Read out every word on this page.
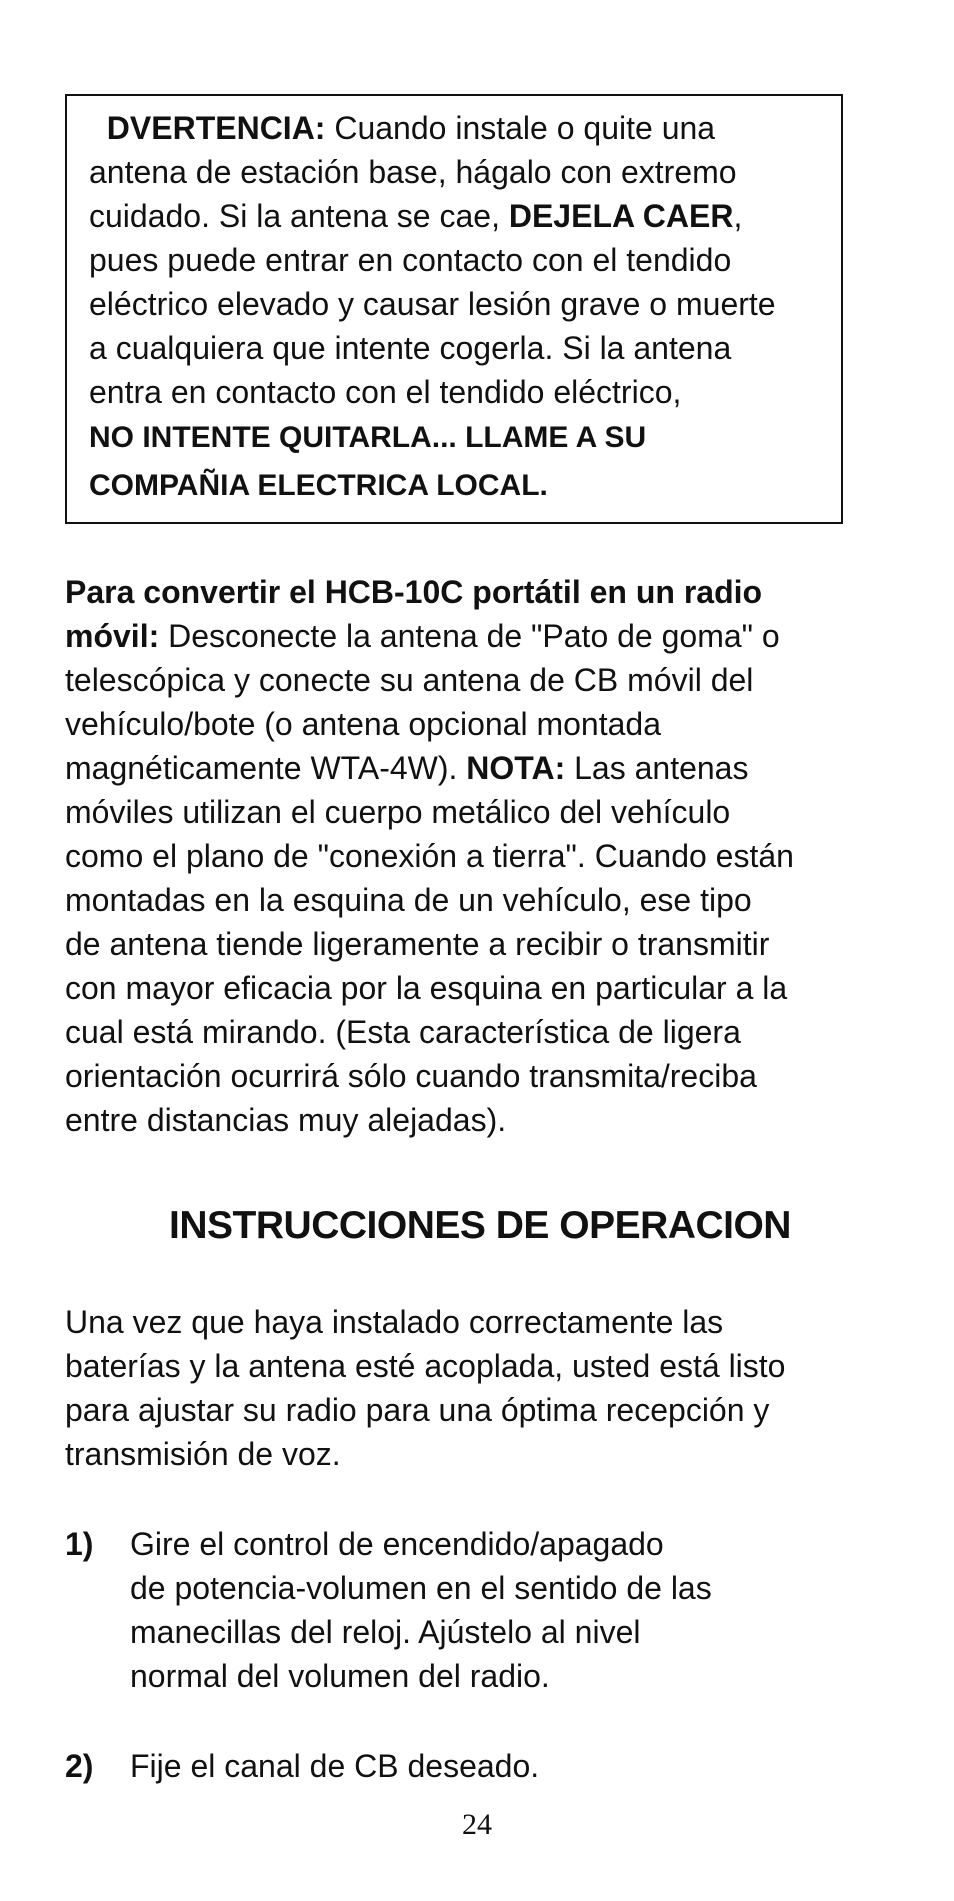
DVERTENCIA: Cuando instale o quite una
antena de estación base, hágalo con extremo
cuidado. Si la antena se cae, DEJELA CAER,
pues puede entrar en contacto con el tendido
eléctrico elevado y causar lesión grave o muerte
a cualquiera que intente cogerla. Si la antena
entra en contacto con el tendido eléctrico,
NO INTENTE QUITARLA... LLAME A SU
COMPAÑIA ELECTRICA LOCAL.
Para convertir el HCB-10C portátil en un radio
móvil: Desconecte la antena de "Pato de goma" o
telescópica y conecte su antena de CB móvil del
vehículo/bote (o antena opcional montada
magnéticamente WTA-4W). NOTA: Las antenas
móviles utilizan el cuerpo metálico del vehículo
como el plano de "conexión a tierra". Cuando están
montadas en la esquina de un vehículo, ese tipo
de antena tiende ligeramente a recibir o transmitir
con mayor eficacia por la esquina en particular a la
cual está mirando. (Esta característica de ligera
orientación ocurrirá sólo cuando transmita/reciba
entre distancias muy alejadas).
INSTRUCCIONES DE OPERACION
Una vez que haya instalado correctamente las
baterías y la antena esté acoplada, usted está listo
para ajustar su radio para una óptima recepción y
transmisión de voz.
1) Gire el control de encendido/apagado
de potencia-volumen en el sentido de las
manecillas del reloj. Ajústelo al nivel
normal del volumen del radio.
2) Fije el canal de CB deseado.
24
